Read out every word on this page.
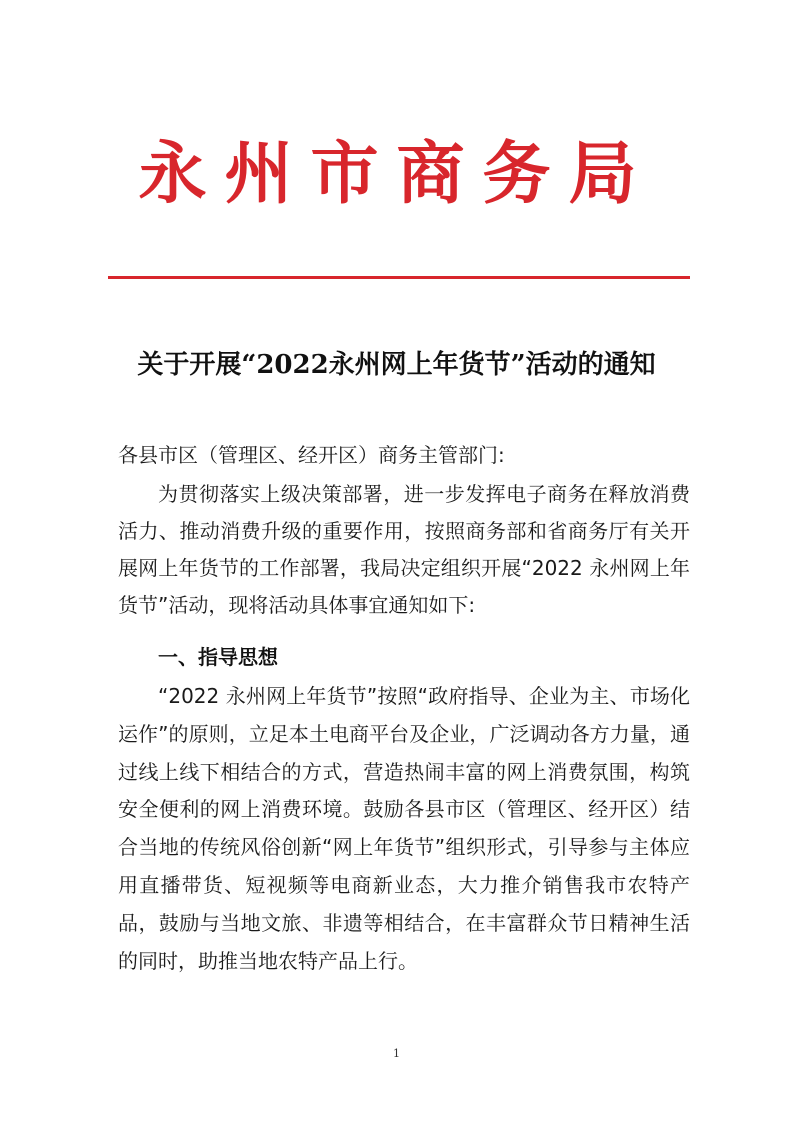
永州市商务局
关于开展“2022永州网上年货节”活动的通知
各县市区（管理区、经开区）商务主管部门:
为贯彻落实上级决策部署，进一步发挥电子商务在释放消费活力、推动消费升级的重要作用，按照商务部和省商务厅有关开展网上年货节的工作部署，我局决定组织开展“2022 永州网上年货节”活动，现将活动具体事宜通知如下:
一、指导思想
“2022 永州网上年货节”按照“政府指导、企业为主、市场化运作”的原则，立足本土电商平台及企业，广泛调动各方力量，通过线上线下相结合的方式，营造热闹丰富的网上消费氛围，构筑安全便利的网上消费环境。鼓励各县市区（管理区、经开区）结合当地的传统风俗创新“网上年货节”组织形式，引导参与主体应用直播带货、短视频等电商新业态，大力推介销售我市农特产品，鼓励与当地文旅、非遗等相结合，在丰富群众节日精神生活的同时，助推当地农特产品上行。
1
